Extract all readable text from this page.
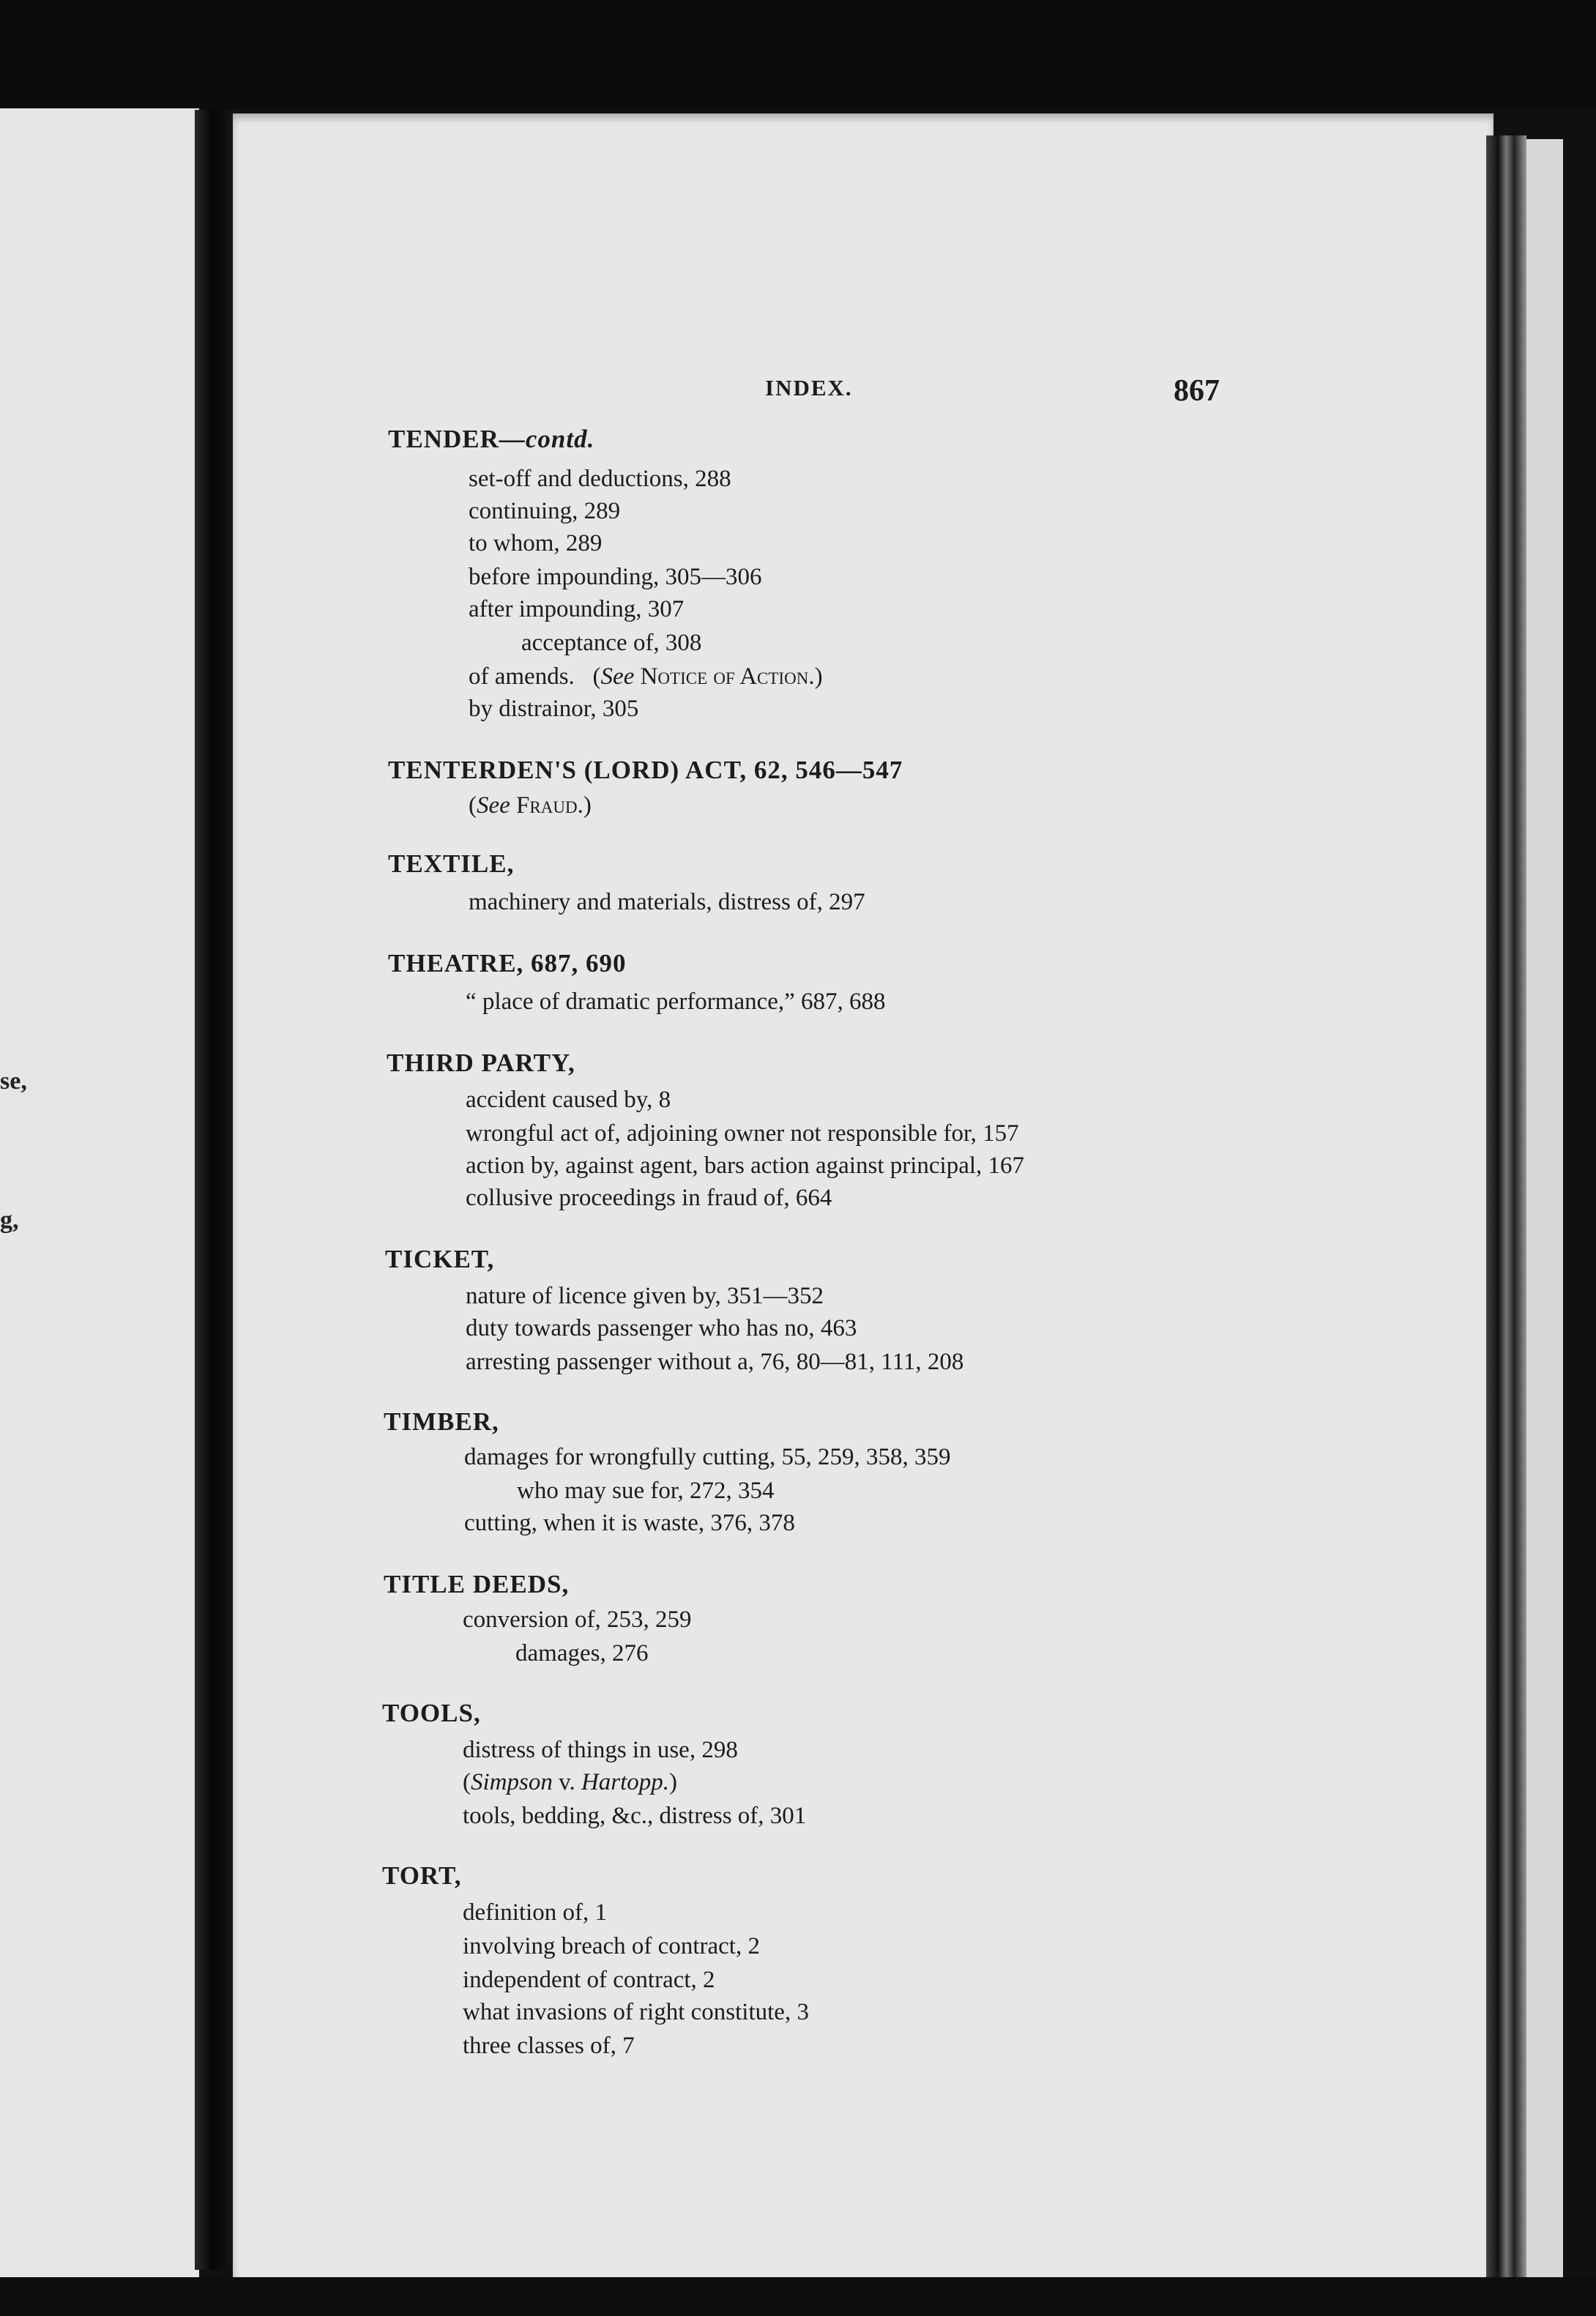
se,
g,
INDEX.	867
TENDER—contd.
set-off and deductions, 288
continuing, 289
to whom, 289
before impounding, 305—306
after impounding, 307
acceptance of, 308
of amends. (See Notice of Action.)
by distrainor, 305
TENTERDEN'S (LORD) ACT, 62, 546—547
(See Fraud.)
TEXTILE,
machinery and materials, distress of, 297
THEATRE, 687, 690
“ place of dramatic performance,” 687, 688
THIRD PARTY,
accident caused by, 8
wrongful act of, adjoining owner not responsible for, 157
action by, against agent, bars action against principal, 167
collusive proceedings in fraud of, 664
TICKET,
nature of licence given by, 351—352
duty towards passenger who has no, 463
arresting passenger without a, 76, 80—81, 111, 208
TIMBER,
damages for wrongfully cutting, 55, 259, 358, 359
who may sue for, 272, 354
cutting, when it is waste, 376, 378
TITLE DEEDS,
conversion of, 253, 259
damages, 276
TOOLS,
distress of things in use, 298
(Simpson v. Hartopp.)
tools, bedding, &c., distress of, 301
TORT,
definition of, 1
involving breach of contract, 2
independent of contract, 2
what invasions of right constitute, 3
three classes of, 7
